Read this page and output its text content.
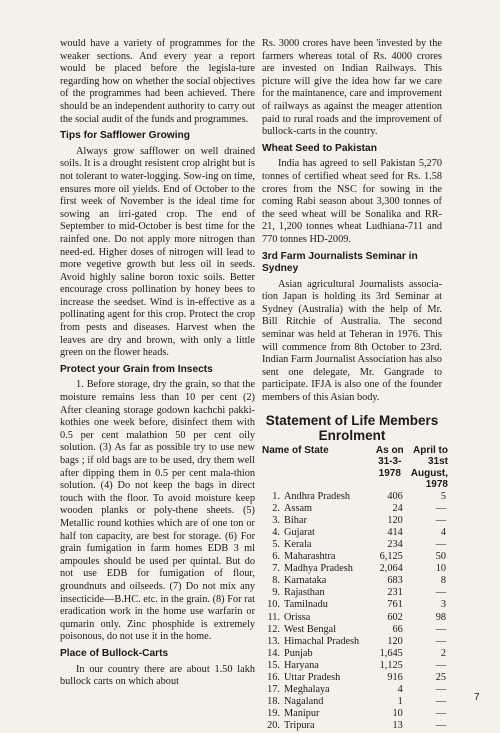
would have a variety of programmes for the weaker sections. And every year a report would be placed before the legisla-ture regarding how on whether the social objectives of the programmes had been achieved. There should be an independent authority to carry out the social audit of the funds and programmes.

Tips for Safflower Growing

Always grow safflower on well drained soils. It is a drought resistent crop alright but is not tolerant to water-logging. Sow-ing on time, ensures more oil yields. End of October to the first week of November is the ideal time for sowing an irri-gated crop. The end of September to mid-October is best time for the rainfed one. Do not apply more nitrogen than need-ed. Higher doses of nitrogen will lead to more vegetive growth but less oil in seeds. Avoid highly saline boron toxic soils. Better encourage cross pollination by honey bees to increase the seedset. Wind is in-effective as a pollinating agent for this crop. Protect the crop from pests and diseases. Harvest when the leaves are dry and brown, with only a little green on the flower heads.

Protect your Grain from Insects

1. Before storage, dry the grain, so that the moisture remains less than 10 per cent (2) After cleaning storage godown kachchi pakki-kothies one week before, disinfect them with 0.5 per cent malathion 50 per cent oily solution. (3) As far as possible try to use new bags ; if old bags are to be used, dry them well after dipping them in 0.5 per cent mala-thion solution. (4) Do not keep the bags in direct touch with the floor. To avoid moisture keep wooden planks or poly-thene sheets. (5) Metallic round kothies which are of one ton or half ton capacity, are best for storage. (6) For grain fumigation in farm homes EDB 3 ml ampoules should be used per quintal. But do not use EDB for fumigation of flour, groundnuts and oilseeds. (7) Do not mix any insecticide—B.HC. etc. in the grain. (8) For rat eradication work in the home use warfarin or qumarin only. Zinc phosphide is extremely poisonous, do not use it in the home.

Place of Bullock-Carts

In our country there are about 1.50 lakh bullock carts on which about

Rs. 3000 crores have been 'invested by the farmers whereas total of Rs. 4000 crores are invested on Indian Railways. This picture will give the idea how far we care for the maintanence, care and improvement of railways as against the meager attention paid to rural roads and the improvement of bullock-carts in the country.

Wheat Seed to Pakistan

India has agreed to sell Pakistan 5,270 tonnes of certified wheat seed for Rs. 1.58 crores from the NSC for sowing in the coming Rabi season about 3,300 tonnes of the seed wheat will be Sonalika and RR-21, 1,200 tonnes wheat Ludhiana-711 and 770 tonnes HD-2009.

3rd Farm Journalists Seminar in Sydney

Asian agricultural Journalists associa-tion Japan is holding its 3rd Seminar at Sydney (Australia) with the help of Mr. Bill Ritchie of Australia. The second seminar was held at Teheran in 1976. This will commence from 8th October to 23rd. Indian Farm Journalist Association has also sent one delegate, Mr. Gangrade to participate. IFJA is also one of the founder members of this Asian body.

Statement of Life Members
Enrolment
Name of State		As on
31-3-1978	April to
31st
August,
1978
1.	Andhra Pradesh	406	5
2.	Assam	24	—
3.	Bihar	120	—
4.	Gujarat	414	4
5.	Kerala	234	—
6.	Maharashtra	6,125	50
7.	Madhya Pradesh	2,064	10
8.	Karnataka	683	8
9.	Rajasthan	231	—
10.	Tamilnadu	761	3
11.	Orissa	602	98
12.	West Bengal	66	—
13.	Himachal Pradesh	120	—
14.	Punjab	1,645	2
15.	Haryana	1,125	—
16.	Uttar Pradesh	916	25
17.	Meghalaya	4	—
18.	Nagaland	1	—
19.	Manipur	10	—
20.	Tripura	13	—
7
